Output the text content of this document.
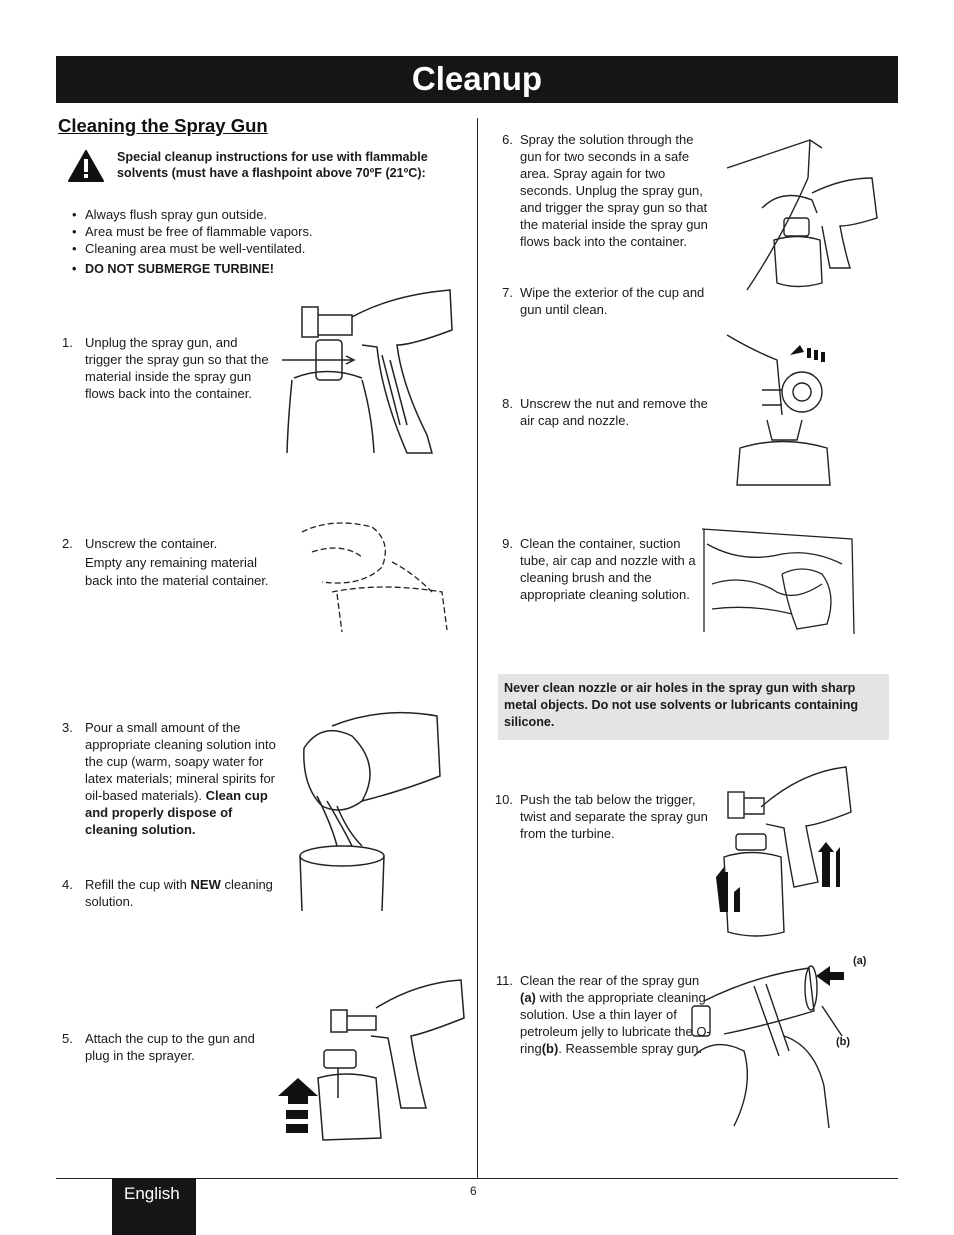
Cleanup
Cleaning the Spray Gun
Special cleanup instructions for use with flammable solvents (must have a flashpoint above 70ºF (21ºC):
• Always flush spray gun outside.
• Area must be free of flammable vapors.
• Cleaning area must be well-ventilated.
• DO NOT SUBMERGE TURBINE!
1. Unplug the spray gun, and trigger the spray gun so that the material inside the spray gun flows back into the container.
2. Unscrew the container.
Empty any remaining material back into the material container.
3. Pour a small amount of the appropriate cleaning solution into the cup (warm, soapy water for latex materials; mineral spirits for oil-based materials). Clean cup and properly dispose of cleaning solution.
4. Refill the cup with NEW cleaning solution.
5. Attach the cup to the gun and plug in the sprayer.
6. Spray the solution through the gun for two seconds in a safe area. Spray again for two seconds. Unplug the spray gun, and trigger the spray gun so that the material inside the spray gun flows back into the container.
7. Wipe the exterior of the cup and gun until clean.
8. Unscrew the nut and remove the air cap and nozzle.
9. Clean the container, suction tube, air cap and nozzle with a cleaning brush and the appropriate cleaning solution.
Never clean nozzle or air holes in the spray gun with sharp metal objects. Do not use solvents or lubricants containing silicone.
10. Push the tab below the trigger, twist and separate the spray gun from the turbine.
11. Clean the rear of the spray gun (a) with the appropriate cleaning solution. Use a thin layer of petroleum jelly to lubricate the O-ring(b). Reassemble spray gun.
(a)
(b)
English	6
